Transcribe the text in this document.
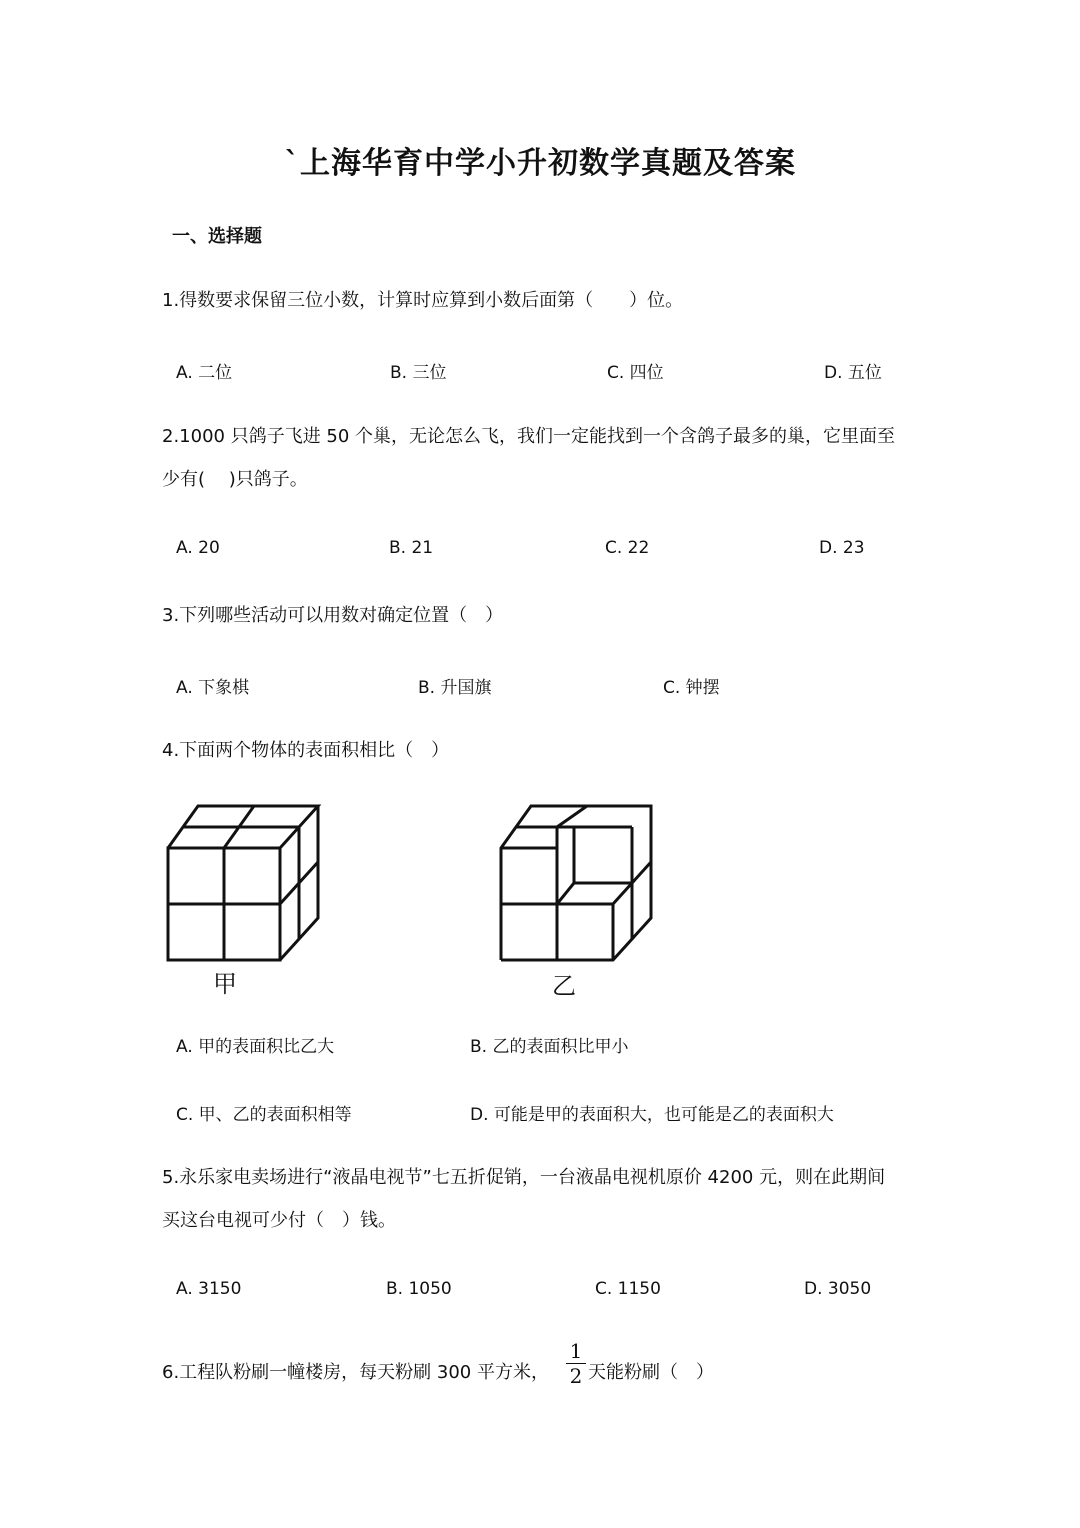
`上海华育中学小升初数学真题及答案
一、选择题
1.得数要求保留三位小数，计算时应算到小数后面第（　　）位。
A. 二位	B. 三位	C. 四位	D. 五位
2.1000 只鸽子飞进 50 个巢，无论怎么飞，我们一定能找到一个含鸽子最多的巢，它里面至
少有(　 )只鸽子。
A. 20	B. 21	C. 22	D. 23
3.下列哪些活动可以用数对确定位置（　）
A. 下象棋	B. 升国旗	C. 钟摆
4.下面两个物体的表面积相比（　）
甲	乙
A. 甲的表面积比乙大	B. 乙的表面积比甲小
C. 甲、乙的表面积相等	D. 可能是甲的表面积大，也可能是乙的表面积大
5.永乐家电卖场进行“液晶电视节”七五折促销，一台液晶电视机原价 4200 元，则在此期间
买这台电视可少付（　）钱。
A. 3150	B. 1050	C. 1150	D. 3050
6.工程队粉刷一幢楼房，每天粉刷 300 平方米，
1
2 天能粉刷（　）
